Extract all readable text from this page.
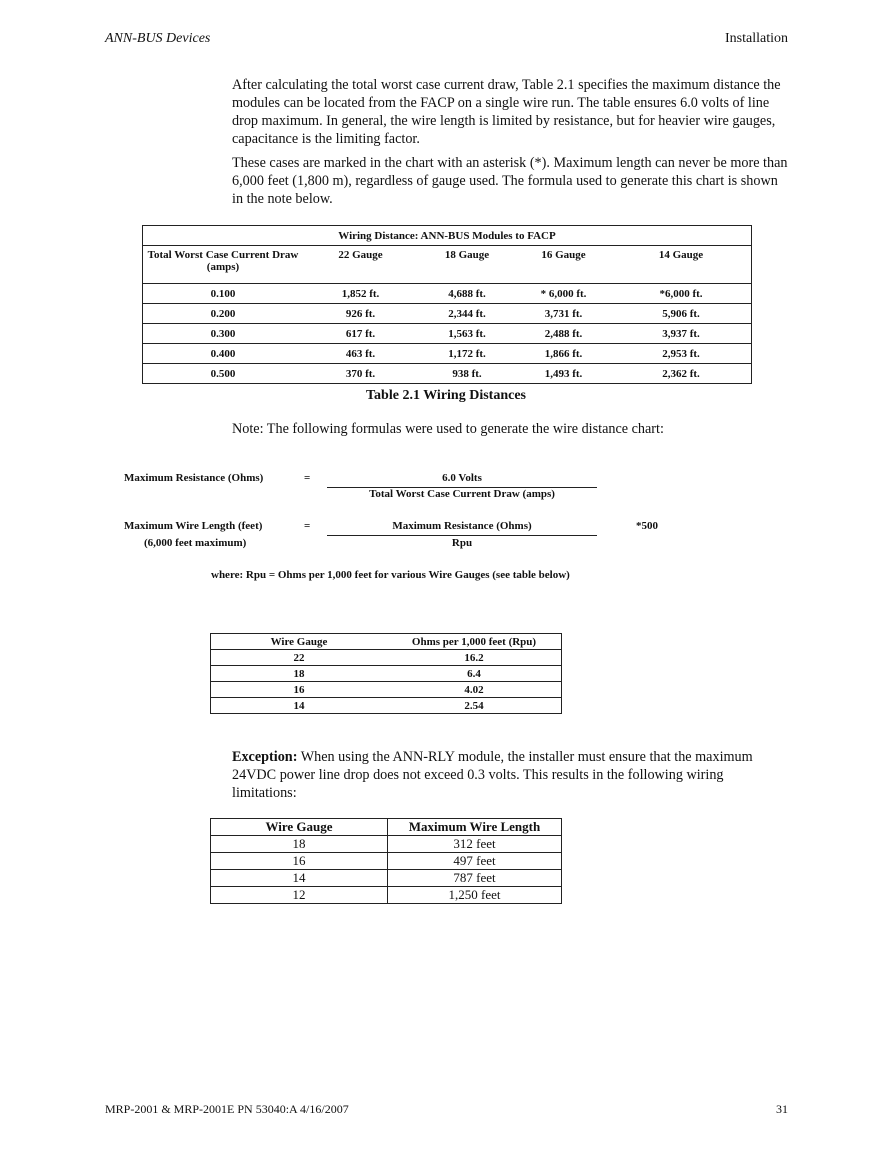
ANN-BUS Devices	Installation

After calculating the total worst case current draw, Table 2.1 specifies the maximum distance the modules can be located from the FACP on a single wire run. The table ensures 6.0 volts of line drop maximum. In general, the wire length is limited by resistance, but for heavier wire gauges, capacitance is the limiting factor.

These cases are marked in the chart with an asterisk (*). Maximum length can never be more than 6,000 feet (1,800 m), regardless of gauge used. The formula used to generate this chart is shown in the note below.

Wiring Distance: ANN-BUS Modules to FACP				
Total Worst Case Current Draw (amps)	22 Gauge	18 Gauge	16 Gauge	14 Gauge
0.100	1,852 ft.	4,688 ft.	* 6,000 ft.	*6,000 ft.
0.200	926 ft.	2,344 ft.	3,731 ft.	5,906 ft.
0.300	617 ft.	1,563 ft.	2,488 ft.	3,937 ft.
0.400	463 ft.	1,172 ft.	1,866 ft.	2,953 ft.
0.500	370 ft.	938 ft.	1,493 ft.	2,362 ft.
Table 2.1 Wiring Distances
Note: The following formulas were used to generate the wire distance chart:
Maximum Resistance (Ohms)	=	6.0 Volts
Total Worst Case Current Draw (amps)
Maximum Wire Length (feet)
(6,000 feet maximum)
=	Maximum Resistance (Ohms)
Rpu
*500
where: Rpu = Ohms per 1,000 feet for various Wire Gauges (see table below)
Wire Gauge	Ohms per 1,000 feet (Rpu)
22	16.2
18	6.4
16	4.02
14	2.54

Exception: When using the ANN-RLY module, the installer must ensure that the maximum 24VDC power line drop does not exceed 0.3 volts. This results in the following wiring limitations:

Wire Gauge	Maximum Wire Length
18	312 feet
16	497 feet
14	787 feet
12	1,250 feet
MRP-2001 & MRP-2001E PN 53040:A 4/16/2007	31
